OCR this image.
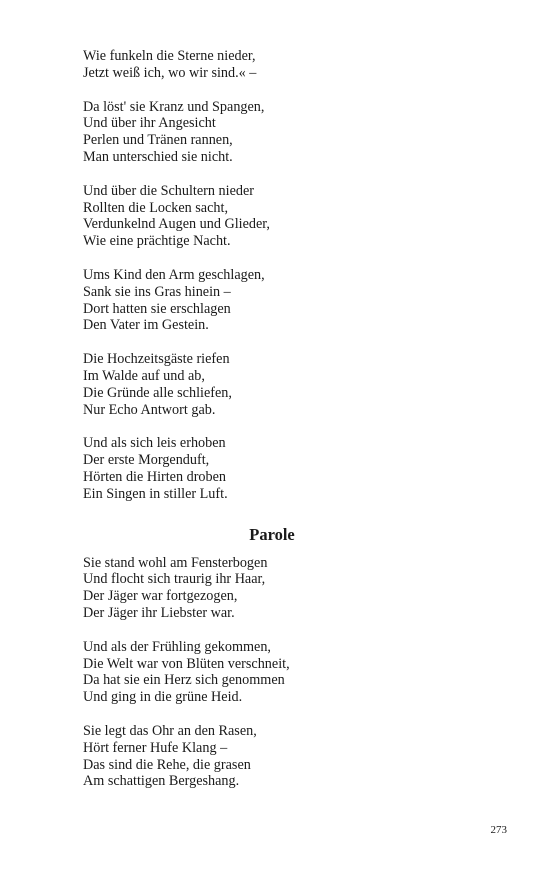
Wie funkeln die Sterne nieder,
Jetzt weiß ich, wo wir sind.« –
Da löst' sie Kranz und Spangen,
Und über ihr Angesicht
Perlen und Tränen rannen,
Man unterschied sie nicht.
Und über die Schultern nieder
Rollten die Locken sacht,
Verdunkelnd Augen und Glieder,
Wie eine prächtige Nacht.
Ums Kind den Arm geschlagen,
Sank sie ins Gras hinein –
Dort hatten sie erschlagen
Den Vater im Gestein.
Die Hochzeitsgäste riefen
Im Walde auf und ab,
Die Gründe alle schliefen,
Nur Echo Antwort gab.
Und als sich leis erhoben
Der erste Morgenduft,
Hörten die Hirten droben
Ein Singen in stiller Luft.
Parole
Sie stand wohl am Fensterbogen
Und flocht sich traurig ihr Haar,
Der Jäger war fortgezogen,
Der Jäger ihr Liebster war.
Und als der Frühling gekommen,
Die Welt war von Blüten verschneit,
Da hat sie ein Herz sich genommen
Und ging in die grüne Heid.
Sie legt das Ohr an den Rasen,
Hört ferner Hufe Klang –
Das sind die Rehe, die grasen
Am schattigen Bergeshang.
273
